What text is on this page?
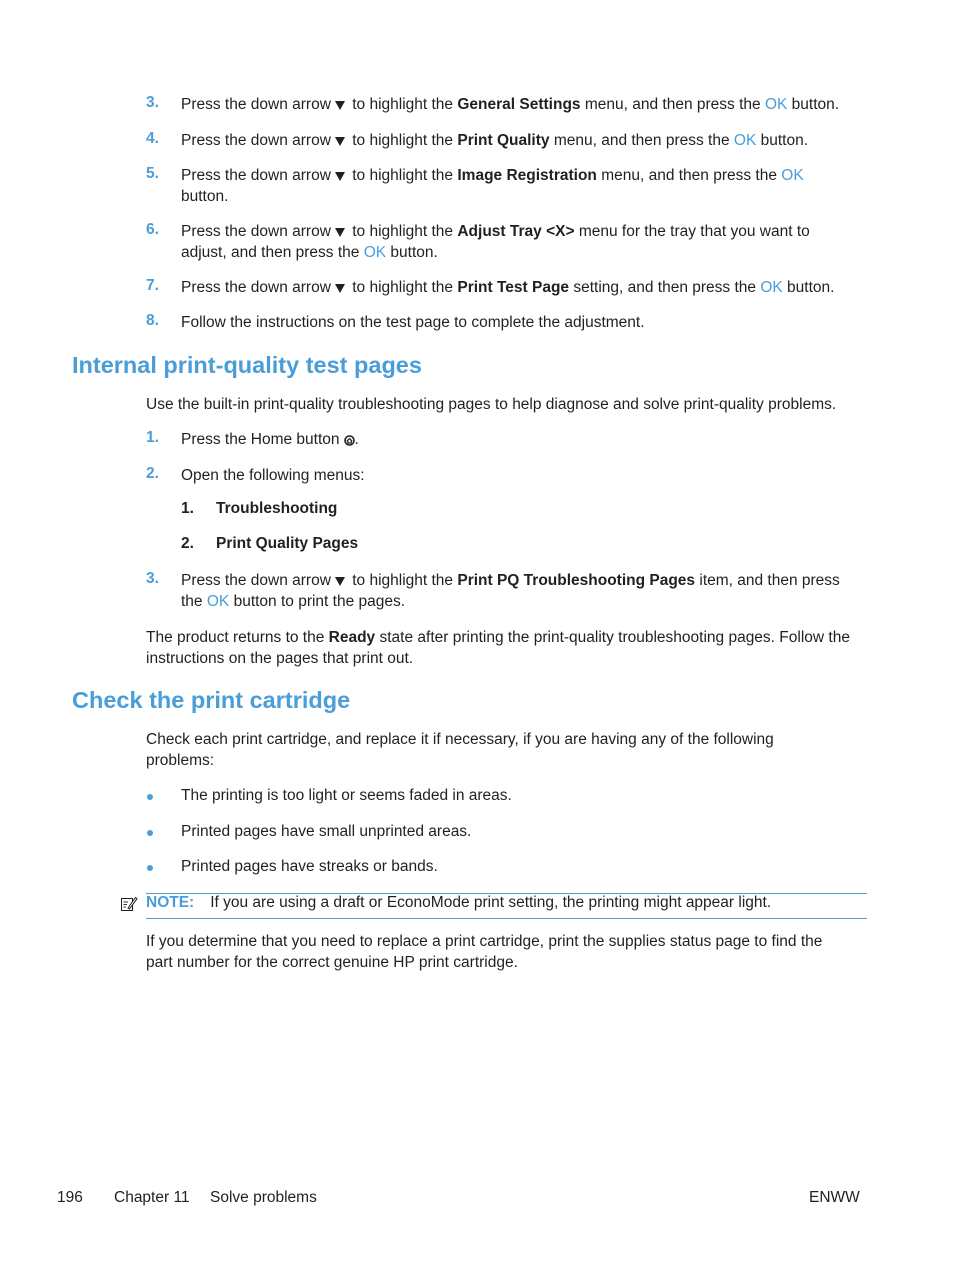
3. Press the down arrow to highlight the General Settings menu, and then press the OK button.
4. Press the down arrow to highlight the Print Quality menu, and then press the OK button.
5. Press the down arrow to highlight the Image Registration menu, and then press the OK
button.
6. Press the down arrow to highlight the Adjust Tray <X> menu for the tray that you want to adjust, and then press the OK button.
7. Press the down arrow to highlight the Print Test Page setting, and then press the OK button.
8. Follow the instructions on the test page to complete the adjustment.
Internal print-quality test pages
Use the built-in print-quality troubleshooting pages to help diagnose and solve print-quality problems.
1. Press the Home button .
2. Open the following menus:
1. Troubleshooting
2. Print Quality Pages
3. Press the down arrow to highlight the Print PQ Troubleshooting Pages item, and then press the OK button to print the pages.
The product returns to the Ready state after printing the print-quality troubleshooting pages. Follow the instructions on the pages that print out.
Check the print cartridge
Check each print cartridge, and replace it if necessary, if you are having any of the following problems:
The printing is too light or seems faded in areas.
Printed pages have small unprinted areas.
Printed pages have streaks or bands.
NOTE: If you are using a draft or EconoMode print setting, the printing might appear light.
If you determine that you need to replace a print cartridge, print the supplies status page to find the part number for the correct genuine HP print cartridge.
196 Chapter 11 Solve problems	ENWW
